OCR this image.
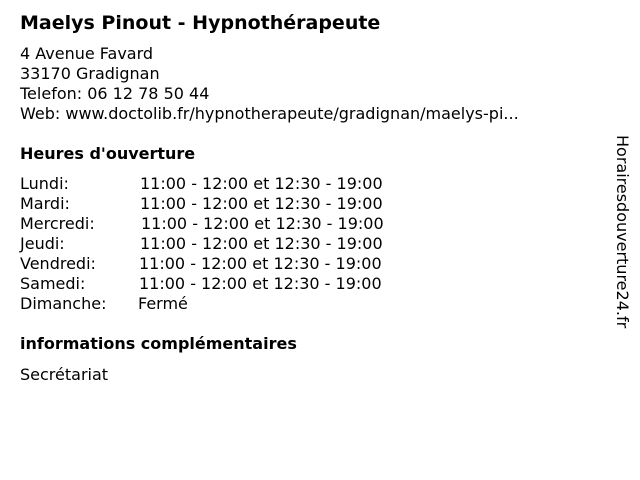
Maelys Pinout - Hypnothérapeute
4 Avenue Favard
33170 Gradignan
Telefon: 06 12 78 50 44
Web: www.doctolib.fr/hypnotherapeute/gradignan/maelys-pi...
Heures d'ouverture
Lundi:	11:00 - 12:00 et 12:30 - 19:00
Mardi:	11:00 - 12:00 et 12:30 - 19:00
Mercredi:	11:00 - 12:00 et 12:30 - 19:00
Jeudi:	11:00 - 12:00 et 12:30 - 19:00
Vendredi:	11:00 - 12:00 et 12:30 - 19:00
Samedi:	11:00 - 12:00 et 12:30 - 19:00
Dimanche: Fermé
informations complémentaires
Secrétariat
Horairesdouverture24.fr
